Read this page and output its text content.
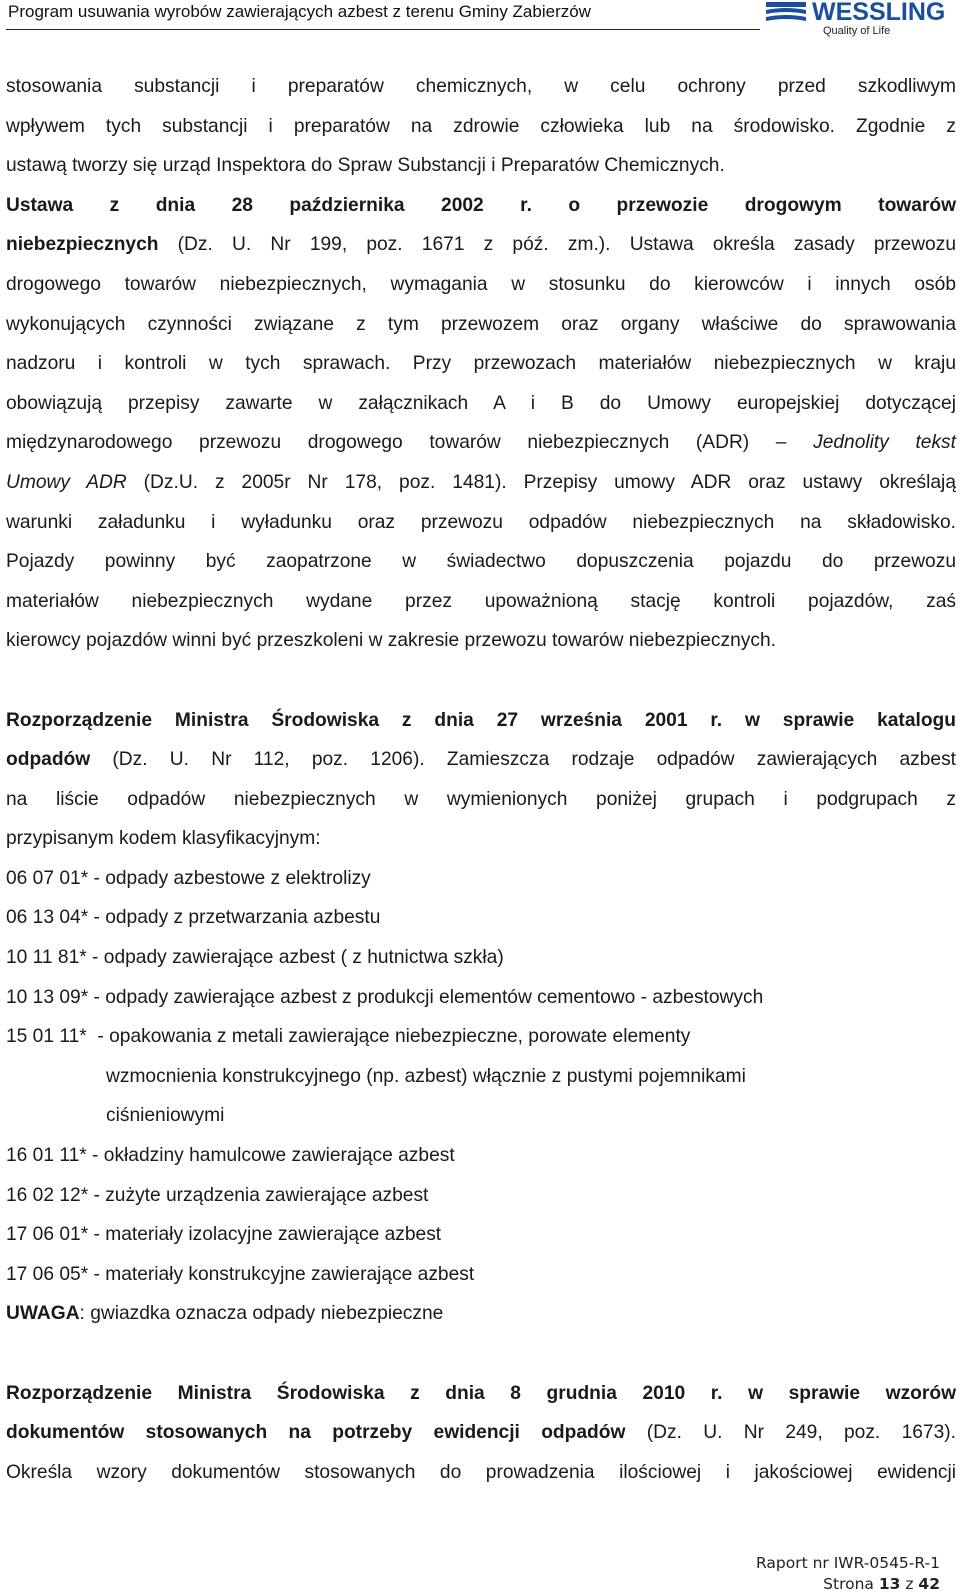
Program usuwania wyrobów zawierających azbest z terenu Gminy Zabierzów	WESSLING
Quality of Life
stosowania substancji i preparatów chemicznych, w celu ochrony przed szkodliwym
wpływem tych substancji i preparatów na zdrowie człowieka lub na środowisko. Zgodnie z
ustawą tworzy się urząd Inspektora do Spraw Substancji i Preparatów Chemicznych.
Ustawa z dnia 28 października 2002 r. o przewozie drogowym towarów
niebezpiecznych (Dz. U. Nr 199, poz. 1671 z póź. zm.). Ustawa określa zasady przewozu
drogowego towarów niebezpiecznych, wymagania w stosunku do kierowców i innych osób
wykonujących czynności związane z tym przewozem oraz organy właściwe do sprawowania
nadzoru i kontroli w tych sprawach. Przy przewozach materiałów niebezpiecznych w kraju
obowiązują przepisy zawarte w załącznikach A i B do Umowy europejskiej dotyczącej
międzynarodowego przewozu drogowego towarów niebezpiecznych (ADR) – Jednolity tekst
Umowy ADR (Dz.U. z 2005r Nr 178, poz. 1481). Przepisy umowy ADR oraz ustawy określają
warunki załadunku i wyładunku oraz przewozu odpadów niebezpiecznych na składowisko.
Pojazdy powinny być zaopatrzone w świadectwo dopuszczenia pojazdu do przewozu
materiałów niebezpiecznych wydane przez upoważnioną stację kontroli pojazdów, zaś
kierowcy pojazdów winni być przeszkoleni w zakresie przewozu towarów niebezpiecznych.
Rozporządzenie Ministra Środowiska z dnia 27 września 2001 r. w sprawie katalogu
odpadów (Dz. U. Nr 112, poz. 1206). Zamieszcza rodzaje odpadów zawierających azbest
na liście odpadów niebezpiecznych w wymienionych poniżej grupach i podgrupach z
przypisanym kodem klasyfikacyjnym:
06 07 01* - odpady azbestowe z elektrolizy
06 13 04* - odpady z przetwarzania azbestu
10 11 81* - odpady zawierające azbest ( z hutnictwa szkła)
10 13 09* - odpady zawierające azbest z produkcji elementów cementowo - azbestowych
15 01 11*  - opakowania z metali zawierające niebezpieczne, porowate elementy
wzmocnienia konstrukcyjnego (np. azbest) włącznie z pustymi pojemnikami
ciśnieniowymi
16 01 11* - okładziny hamulcowe zawierające azbest
16 02 12* - zużyte urządzenia zawierające azbest
17 06 01* - materiały izolacyjne zawierające azbest
17 06 05* - materiały konstrukcyjne zawierające azbest
UWAGA: gwiazdka oznacza odpady niebezpieczne
Rozporządzenie Ministra Środowiska z dnia 8 grudnia 2010 r. w sprawie wzorów
dokumentów stosowanych na potrzeby ewidencji odpadów (Dz. U. Nr 249, poz. 1673).
Określa wzory dokumentów stosowanych do prowadzenia ilościowej i jakościowej ewidencji
Raport nr IWR-0545-R-1
Strona 13 z 42
